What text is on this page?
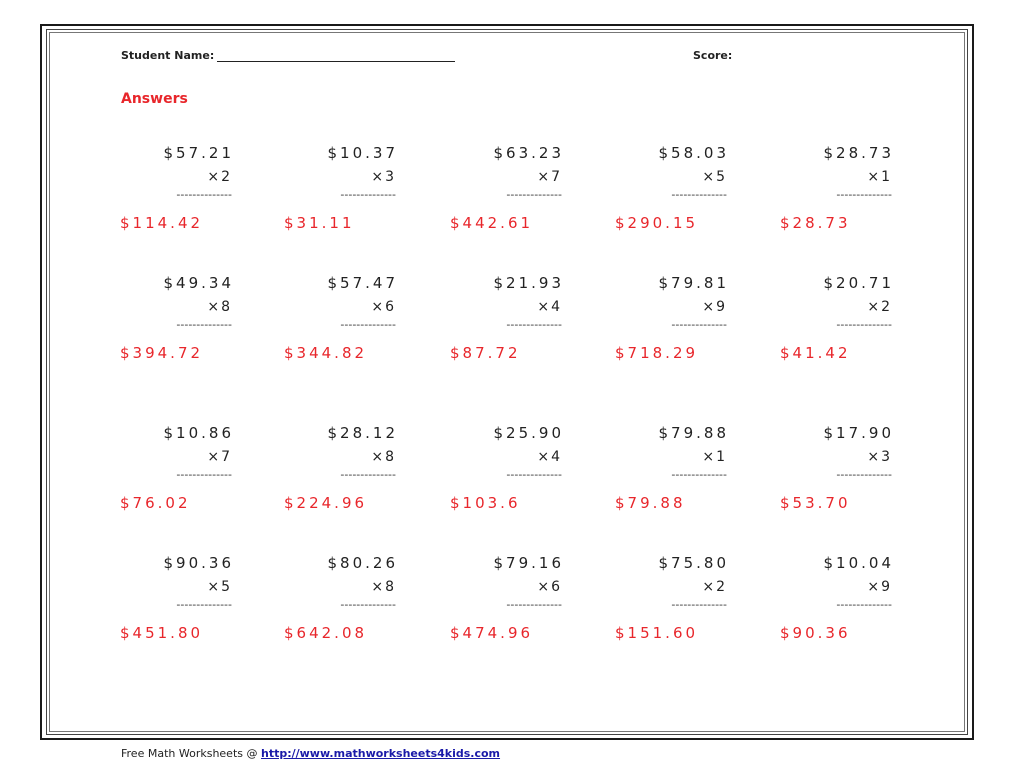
Student Name:	Score:
Answers
$57.21
×2
--------------
$114.42
$10.37
×3
--------------
$31.11
$63.23
×7
--------------
$442.61
$58.03
×5
--------------
$290.15
$28.73
×1
--------------
$28.73
$49.34
×8
--------------
$394.72
$57.47
×6
--------------
$344.82
$21.93
×4
--------------
$87.72
$79.81
×9
--------------
$718.29
$20.71
×2
--------------
$41.42
$10.86
×7
--------------
$76.02
$28.12
×8
--------------
$224.96
$25.90
×4
--------------
$103.6
$79.88
×1
--------------
$79.88
$17.90
×3
--------------
$53.70
$90.36
×5
--------------
$451.80
$80.26
×8
--------------
$642.08
$79.16
×6
--------------
$474.96
$75.80
×2
--------------
$151.60
$10.04
×9
--------------
$90.36
Free Math Worksheets @ http://www.mathworksheets4kids.com
